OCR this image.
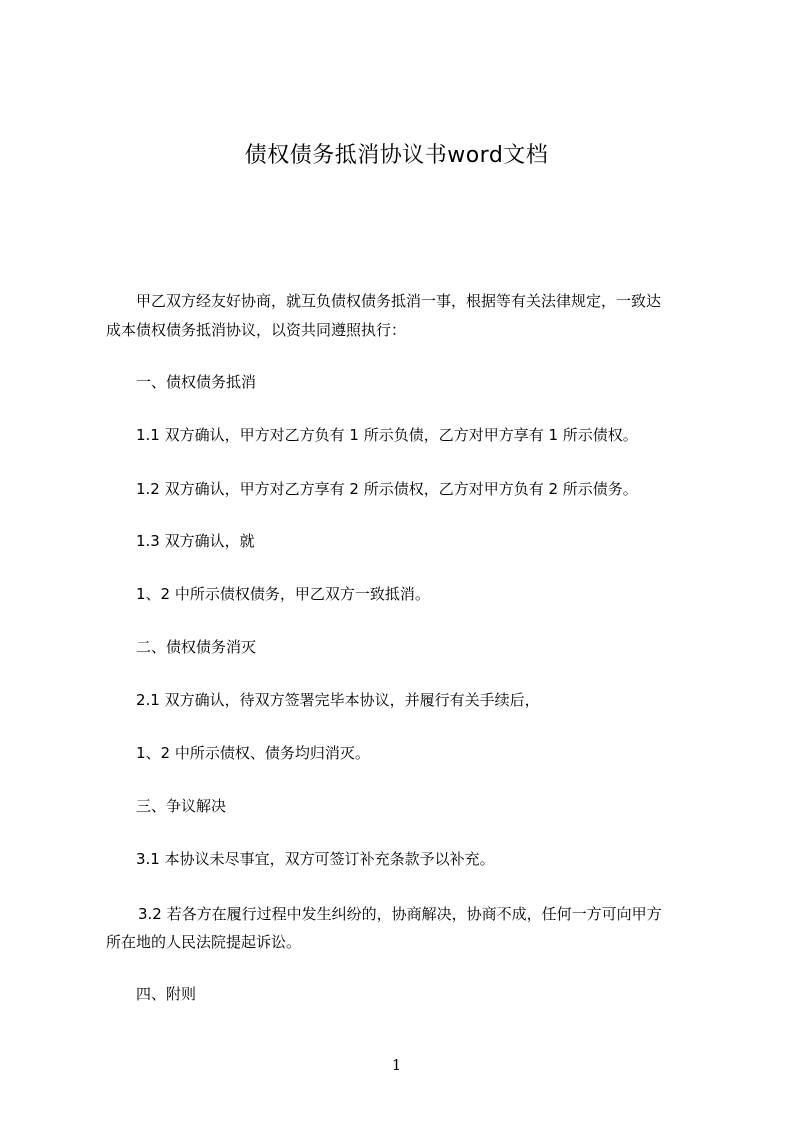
债权债务抵消协议书word文档
甲乙双方经友好协商，就互负债权债务抵消一事，根据等有关法律规定，一致达
成本债权债务抵消协议，以资共同遵照执行：
一、债权债务抵消
1.1 双方确认，甲方对乙方负有 1 所示负债，乙方对甲方享有 1 所示债权。
1.2 双方确认，甲方对乙方享有 2 所示债权，乙方对甲方负有 2 所示债务。
1.3 双方确认，就
1、2 中所示债权债务，甲乙双方一致抵消。
二、债权债务消灭
2.1 双方确认，待双方签署完毕本协议，并履行有关手续后，
1、2 中所示债权、债务均归消灭。
三、争议解决
3.1 本协议未尽事宜，双方可签订补充条款予以补充。
3.2 若各方在履行过程中发生纠纷的，协商解决，协商不成，任何一方可向甲方
所在地的人民法院提起诉讼。
四、附则
1
